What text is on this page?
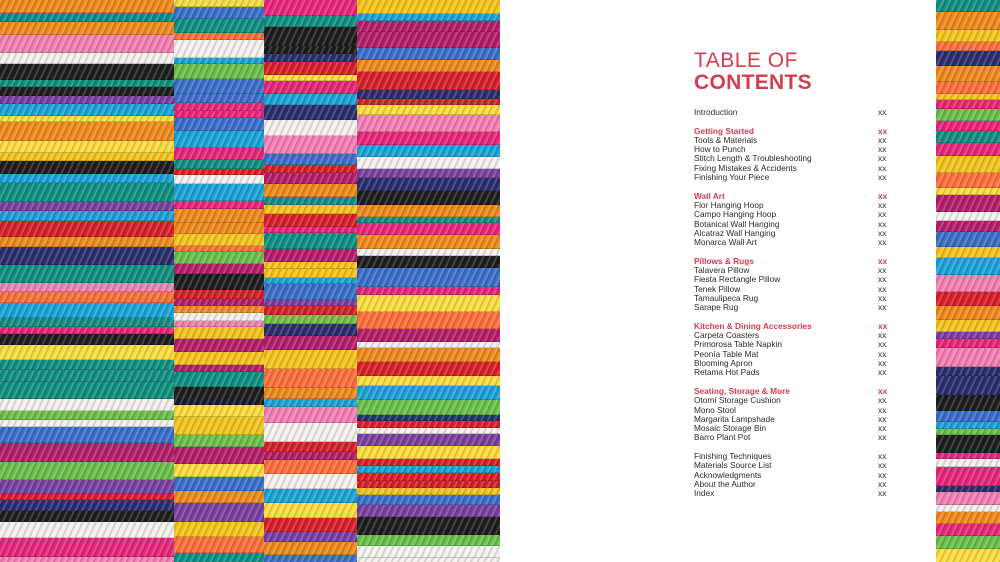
TABLE OF
CONTENTS
Introduction	xx
Getting Started	xx
Tools & Materials	xx
How to Punch	xx
Stitch Length & Troubleshooting	xx
Fixing Mistakes & Accidents	xx
Finishing Your Piece	xx
Wall Art	xx
Flor Hanging Hoop	xx
Campo Hanging Hoop	xx
Botanical Wall Hanging	xx
Alcatraz Wall Hanging	xx
Monarca Wall Art	xx
Pillows & Rugs	xx
Talavera Pillow	xx
Fiesta Rectangle Pillow	xx
Tenek Pillow	xx
Tamaulipeca Rug	xx
Sarape Rug	xx
Kitchen & Dining Accessories	xx
Carpeta Coasters	xx
Primorosa Table Napkin	xx
Peonía Table Mat	xx
Blooming Apron	xx
Retama Hot Pads	xx
Seating, Storage & More	xx
Otomí Storage Cushion	xx
Mono Stool	xx
Margarita Lampshade	xx
Mosaic Storage Bin	xx
Barro Plant Pot	xx
Finishing Techniques	xx
Materials Source List	xx
Acknowledgments	xx
About the Author	xx
Index	xx
